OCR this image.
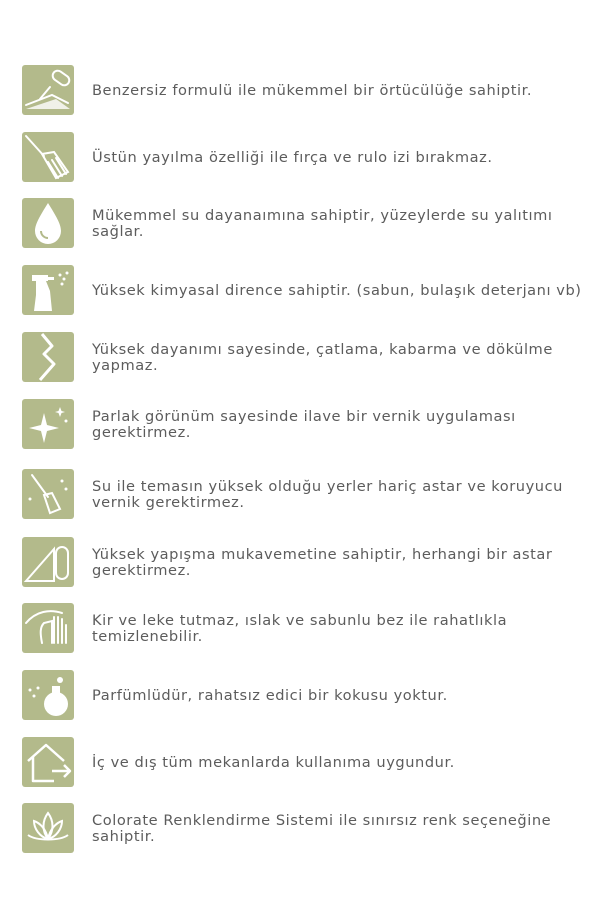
Benzersiz formulü ile mükemmel bir örtücülüğe sahiptir.
Üstün yayılma özelliği ile fırça ve rulo izi bırakmaz.
Mükemmel su dayanaımına sahiptir, yüzeylerde su yalıtımı
sağlar.
Yüksek kimyasal dirence sahiptir. (sabun, bulaşık deterjanı vb)
Yüksek dayanımı sayesinde, çatlama, kabarma ve dökülme
yapmaz.
Parlak görünüm sayesinde ilave bir vernik uygulaması
gerektirmez.
Su ile temasın yüksek olduğu yerler hariç astar ve koruyucu
vernik gerektirmez.
Yüksek yapışma mukavemetine sahiptir, herhangi bir astar
gerektirmez.
Kir ve leke tutmaz, ıslak ve sabunlu bez ile rahatlıkla
temizlenebilir.
Parfümlüdür, rahatsız edici bir kokusu yoktur.
İç ve dış tüm mekanlarda kullanıma uygundur.
Colorate Renklendirme Sistemi ile sınırsız renk seçeneğine
sahiptir.
